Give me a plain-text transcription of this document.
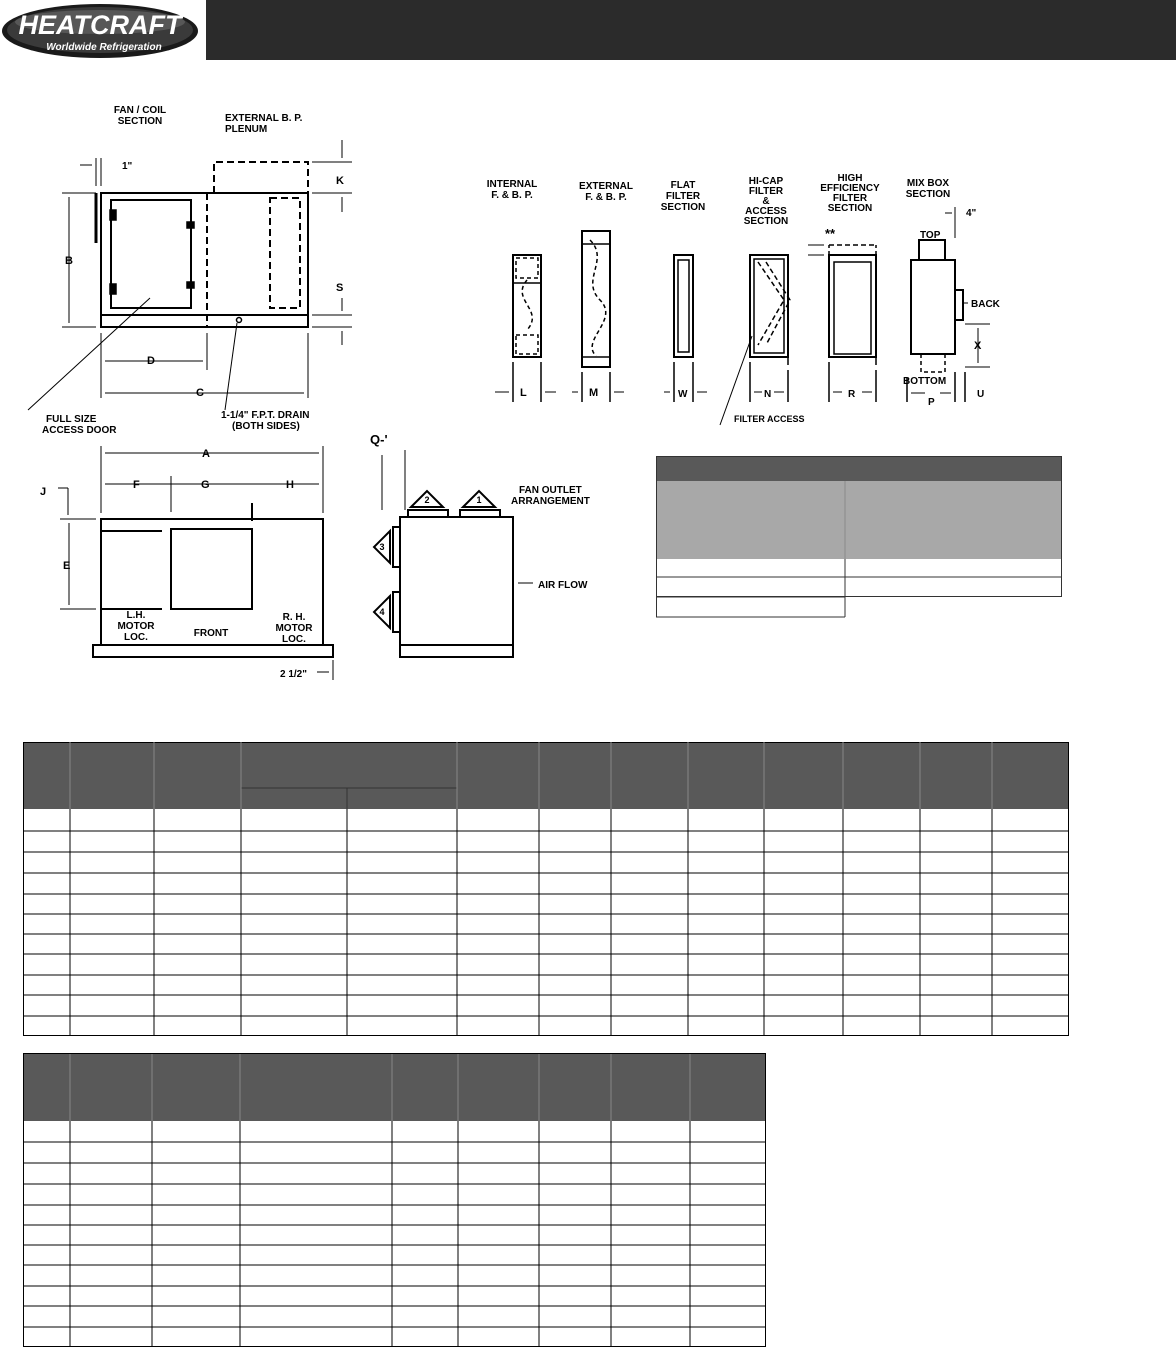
HEATCRAFT
Worldwide Refrigeration
FAN / COIL
SECTION	EXTERNAL B. P.
PLENUM
1"
K
B
S
D
C
FULL SIZE
ACCESS DOOR
1-1/4" F.P.T. DRAIN
(BOTH SIDES)
A
F	G	H
J
E
L.H.
MOTOR
LOC.	FRONT
R. H.
MOTOR
LOC.
2 1/2"
Q-'
FAN OUTLET
ARRANGEMENT
1
2
3
4
AIR FLOW
INTERNAL
F. & B. P.
EXTERNAL
F. & B. P.
FLAT
FILTER
SECTION
HI-CAP
FILTER
&
ACCESS
SECTION
HIGH
EFFICIENCY
FILTER
SECTION
MIX BOX
SECTION
4"
**	TOP
BACK
X
BOTTOM
L	M	W	N	R
P
U
FILTER ACCESS
